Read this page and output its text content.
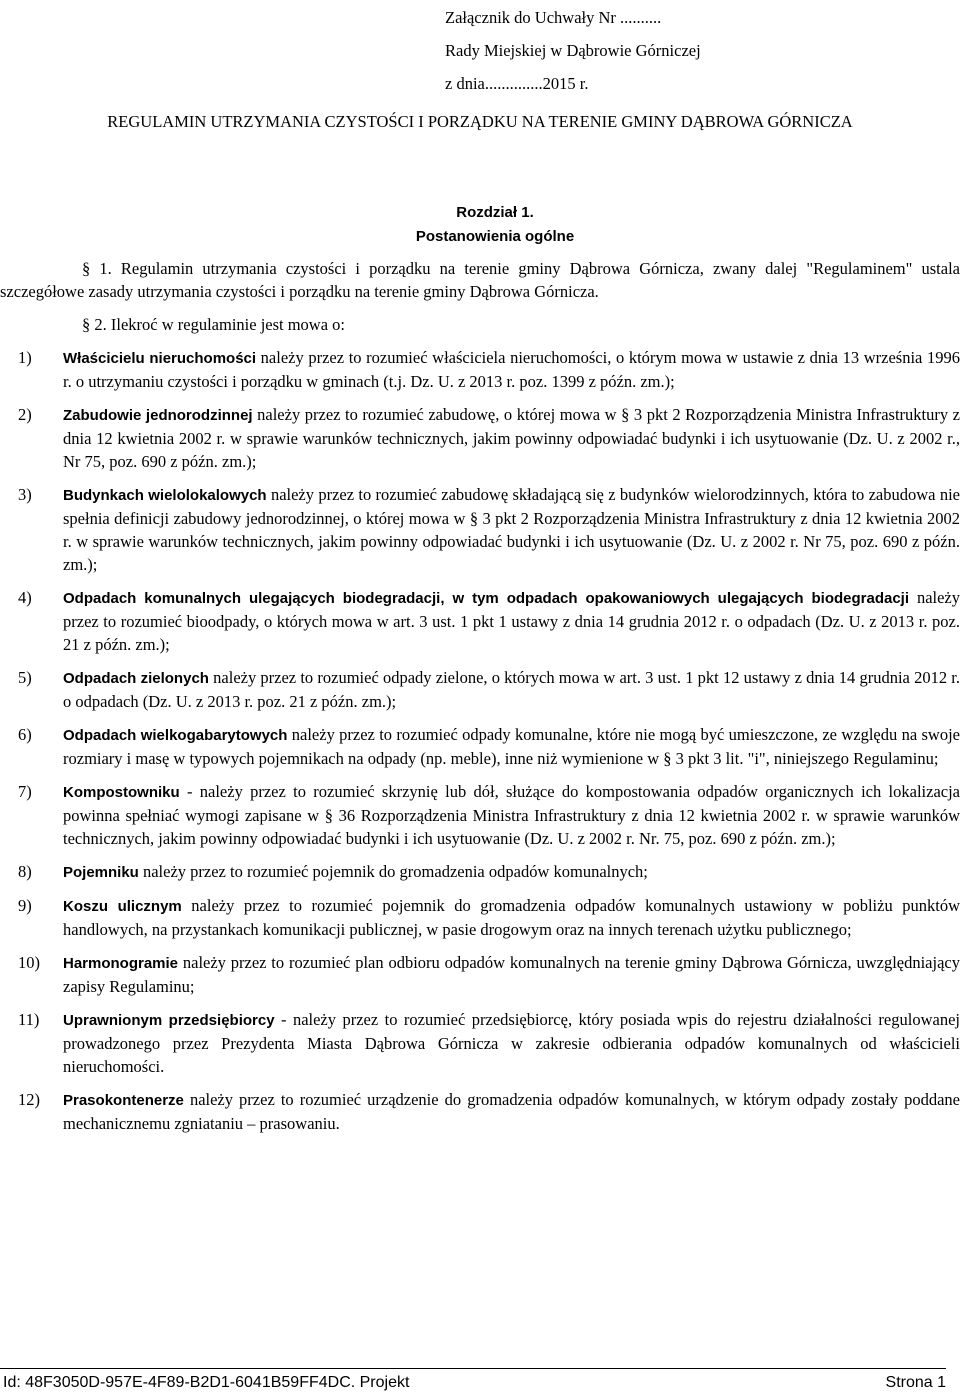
Załącznik do Uchwały Nr ..........
Rady Miejskiej w Dąbrowie Górniczej
z dnia..............2015 r.
REGULAMIN UTRZYMANIA CZYSTOŚCI I PORZĄDKU NA TERENIE GMINY DĄBROWA GÓRNICZA
Rozdział 1.
Postanowienia ogólne

§ 1. Regulamin utrzymania czystości i porządku na terenie gminy Dąbrowa Górnicza, zwany dalej "Regulaminem" ustala szczegółowe zasady utrzymania czystości i porządku na terenie gminy Dąbrowa Górnicza.

§ 2. Ilekroć w regulaminie jest mowa o:

1) Właścicielu nieruchomości należy przez to rozumieć właściciela nieruchomości, o którym mowa w ustawie z dnia 13 września 1996 r. o utrzymaniu czystości i porządku w gminach (t.j. Dz. U. z 2013 r. poz. 1399 z późn. zm.);
2) Zabudowie jednorodzinnej należy przez to rozumieć zabudowę, o której mowa w § 3 pkt 2 Rozporządzenia Ministra Infrastruktury z dnia 12 kwietnia 2002 r. w sprawie warunków technicznych, jakim powinny odpowiadać budynki i ich usytuowanie (Dz. U. z 2002 r., Nr 75, poz. 690 z późn. zm.);
3) Budynkach wielolokalowych należy przez to rozumieć zabudowę składającą się z budynków wielorodzinnych, która to zabudowa nie spełnia definicji zabudowy jednorodzinnej, o której mowa w § 3 pkt 2 Rozporządzenia Ministra Infrastruktury z dnia 12 kwietnia 2002 r. w sprawie warunków technicznych, jakim powinny odpowiadać budynki i ich usytuowanie (Dz. U. z 2002 r. Nr 75, poz. 690 z późn. zm.);
4) Odpadach komunalnych ulegających biodegradacji, w tym odpadach opakowaniowych ulegających biodegradacji należy przez to rozumieć bioodpady, o których mowa w art. 3 ust. 1 pkt 1 ustawy z dnia 14 grudnia 2012 r. o odpadach (Dz. U. z 2013 r. poz. 21 z późn. zm.);
5) Odpadach zielonych należy przez to rozumieć odpady zielone, o których mowa w art. 3 ust. 1 pkt 12 ustawy z dnia 14 grudnia 2012 r. o odpadach (Dz. U. z 2013 r. poz. 21 z późn. zm.);
6) Odpadach wielkogabarytowych należy przez to rozumieć odpady komunalne, które nie mogą być umieszczone, ze względu na swoje rozmiary i masę w typowych pojemnikach na odpady (np. meble), inne niż wymienione w § 3 pkt 3 lit. "i", niniejszego Regulaminu;
7) Kompostowniku - należy przez to rozumieć skrzynię lub dół, służące do kompostowania odpadów organicznych ich lokalizacja powinna spełniać wymogi zapisane w § 36 Rozporządzenia Ministra Infrastruktury z dnia 12 kwietnia 2002 r. w sprawie warunków technicznych, jakim powinny odpowiadać budynki i ich usytuowanie (Dz. U. z 2002 r. Nr. 75, poz. 690 z późn. zm.);
8) Pojemniku należy przez to rozumieć pojemnik do gromadzenia odpadów komunalnych;
9) Koszu ulicznym należy przez to rozumieć pojemnik do gromadzenia odpadów komunalnych ustawiony w pobliżu punktów handlowych, na przystankach komunikacji publicznej, w pasie drogowym oraz na innych terenach użytku publicznego;
10) Harmonogramie należy przez to rozumieć plan odbioru odpadów komunalnych na terenie gminy Dąbrowa Górnicza, uwzględniający zapisy Regulaminu;
11) Uprawnionym przedsiębiorcy - należy przez to rozumieć przedsiębiorcę, który posiada wpis do rejestru działalności regulowanej prowadzonego przez Prezydenta Miasta Dąbrowa Górnicza w zakresie odbierania odpadów komunalnych od właścicieli nieruchomości.
12) Prasokontenerze należy przez to rozumieć urządzenie do gromadzenia odpadów komunalnych, w którym odpady zostały poddane mechanicznemu zgniataniu – prasowaniu.
Id: 48F3050D-957E-4F89-B2D1-6041B59FF4DC. Projekt	Strona 1
